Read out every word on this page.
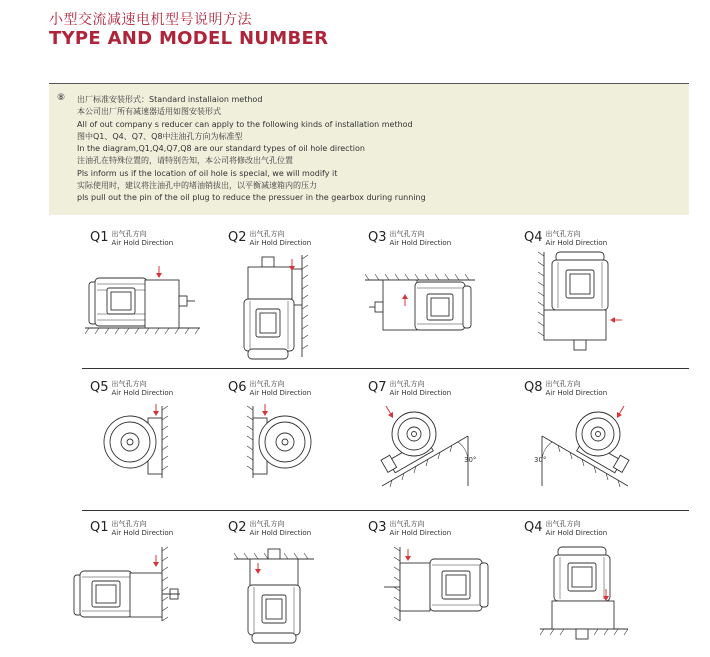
小型交流减速电机型号说明方法
TYPE AND MODEL NUMBER
⑧ 出厂标准安装形式：Standard installaion method
本公司出厂所有减速器适用如图安装形式
All of out company s reducer can apply to the following kinds of installation method
图中Q1、Q4、Q7、Q8中注油孔方向为标准型
In the diagram,Q1,Q4,Q7,Q8 are our standard types of oil hole direction
注油孔在特殊位置的，请特别告知，本公司将修改出气孔位置
Pls inform us if the location of oil hole is special, we will modify it
实际使用时，建议将注油孔中的堵油销拔出，以平衡减速箱内的压力
pls pull out the pin of the oil plug to reduce the pressuer in the gearbox during running
$^{Q1}$ 出气孔方向
Air Hold Direction	$^{Q2}$ 出气孔方向
Air Hold Direction	$^{Q3}$ 出气孔方向
Air Hold Direction	$^{Q4}$ 出气孔方向
Air Hold Direction
$^{Q5}$ 出气孔方向
Air Hold Direction	$^{Q6}$ 出气孔方向
Air Hold Direction	$^{Q7}$ 出气孔方向
Air Hold Direction	$^{Q8}$ 出气孔方向
Air Hold Direction
30°	30°
$^{Q1}$ 出气孔方向
Air Hold Direction	$^{Q2}$ 出气孔方向
Air Hold Direction	$^{Q3}$ 出气孔方向
Air Hold Direction	$^{Q4}$ 出气孔方向
Air Hold Direction
